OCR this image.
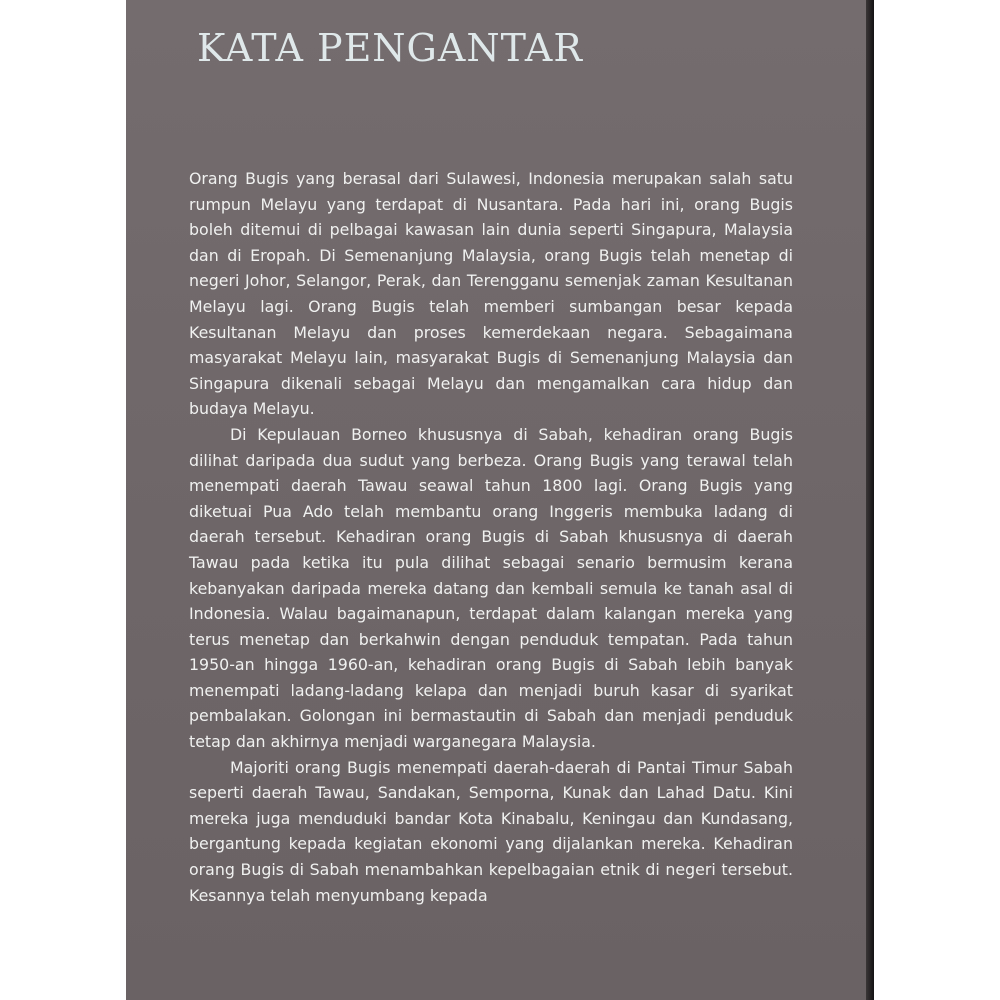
KATA PENGANTAR

Orang Bugis yang berasal dari Sulawesi, Indonesia merupakan salah satu rumpun Melayu yang terdapat di Nusantara. Pada hari ini, orang Bugis boleh ditemui di pelbagai kawasan lain dunia seperti Singapura, Malaysia dan di Eropah. Di Semenanjung Malaysia, orang Bugis telah menetap di negeri Johor, Selangor, Perak, dan Terengganu semenjak zaman Kesultanan Melayu lagi. Orang Bugis telah memberi sumbangan besar kepada Kesultanan Melayu dan proses kemerdekaan negara. Sebagaimana masyarakat Melayu lain, masyarakat Bugis di Semenanjung Malaysia dan Singapura dikenali sebagai Melayu dan mengamalkan cara hidup dan budaya Melayu.

Di Kepulauan Borneo khususnya di Sabah, kehadiran orang Bugis dilihat daripada dua sudut yang berbeza. Orang Bugis yang terawal telah menempati daerah Tawau seawal tahun 1800 lagi. Orang Bugis yang diketuai Pua Ado telah membantu orang Inggeris membuka ladang di daerah tersebut. Kehadiran orang Bugis di Sabah khususnya di daerah Tawau pada ketika itu pula dilihat sebagai senario bermusim kerana kebanyakan daripada mereka datang dan kembali semula ke tanah asal di Indonesia. Walau bagaimanapun, terdapat dalam kalangan mereka yang terus menetap dan berkahwin dengan penduduk tempatan. Pada tahun 1950-an hingga 1960-an, kehadiran orang Bugis di Sabah lebih banyak menempati ladang-ladang kelapa dan menjadi buruh kasar di syarikat pembalakan. Golongan ini bermastautin di Sabah dan menjadi penduduk tetap dan akhirnya menjadi warganegara Malaysia.

Majoriti orang Bugis menempati daerah-daerah di Pantai Timur Sabah seperti daerah Tawau, Sandakan, Semporna, Kunak dan Lahad Datu. Kini mereka juga menduduki bandar Kota Kinabalu, Keningau dan Kundasang, bergantung kepada kegiatan ekonomi yang dijalankan mereka. Kehadiran orang Bugis di Sabah menambahkan kepelbagaian etnik di negeri tersebut. Kesannya telah menyumbang kepada
